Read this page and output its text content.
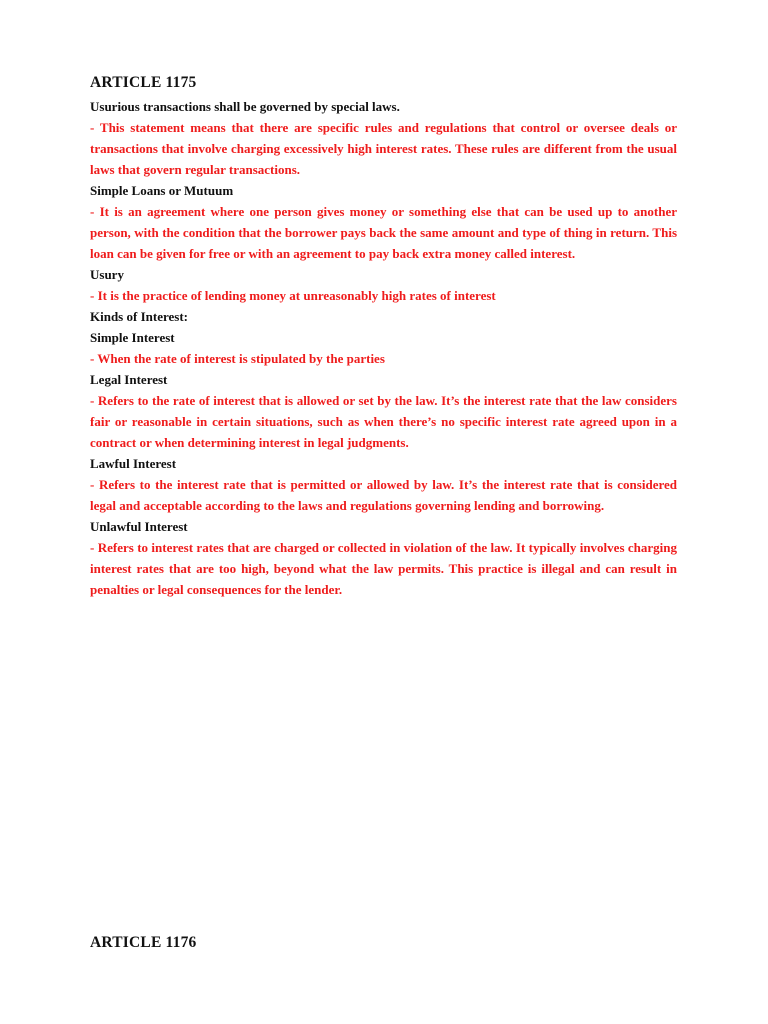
ARTICLE 1175

Usurious transactions shall be governed by special laws.

- This statement means that there are specific rules and regulations that control or oversee deals or transactions that involve charging excessively high interest rates. These rules are different from the usual laws that govern regular transactions.

Simple Loans or Mutuum

- It is an agreement where one person gives money or something else that can be used up to another person, with the condition that the borrower pays back the same amount and type of thing in return. This loan can be given for free or with an agreement to pay back extra money called interest.

Usury

- It is the practice of lending money at unreasonably high rates of interest

Kinds of Interest:

Simple Interest

- When the rate of interest is stipulated by the parties

Legal Interest

- Refers to the rate of interest that is allowed or set by the law. It’s the interest rate that the law considers fair or reasonable in certain situations, such as when there’s no specific interest rate agreed upon in a contract or when determining interest in legal judgments.

Lawful Interest

- Refers to the interest rate that is permitted or allowed by law. It’s the interest rate that is considered legal and acceptable according to the laws and regulations governing lending and borrowing.

Unlawful Interest

- Refers to interest rates that are charged or collected in violation of the law. It typically involves charging interest rates that are too high, beyond what the law permits. This practice is illegal and can result in penalties or legal consequences for the lender.

ARTICLE 1176
